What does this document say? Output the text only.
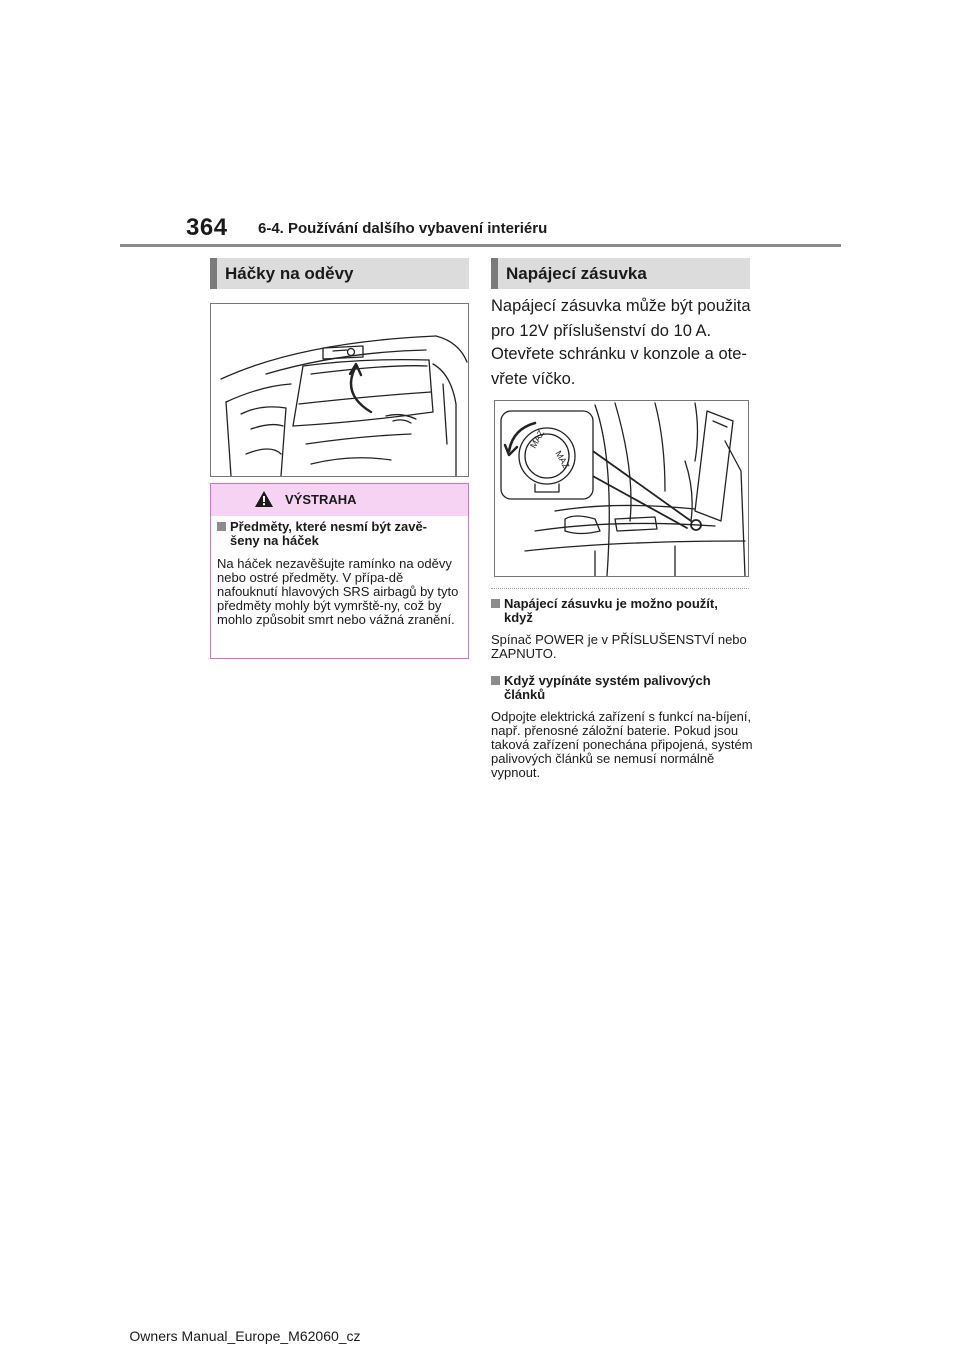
364 6-4. Používání dalšího vybavení interiéru
Háčky na oděvy
VÝSTRAHA
Předměty, které nesmí být zavě-
šeny na háček
Na háček nezavěšujte ramínko na oděvy nebo ostré předměty. V přípa-dě nafouknutí hlavových SRS airbagů by tyto předměty mohly být vymrště-ny, což by mohlo způsobit smrt nebo vážná zranění.
Napájecí zásuvka
Napájecí zásuvka může být použita pro 12V příslušenství do 10 A.
Otevřete schránku v konzole a ote-vřete víčko.
MAZ
MAZ
Napájecí zásuvku je možno použít,
když
Spínač POWER je v PŘÍSLUŠENSTVÍ nebo ZAPNUTO.
Když vypínáte systém palivových
článků
Odpojte elektrická zařízení s funkcí na-bíjení, např. přenosné záložní baterie. Pokud jsou taková zařízení ponechána připojená, systém palivových článků se nemusí normálně vypnout.
Owners Manual_Europe_M62060_cz
